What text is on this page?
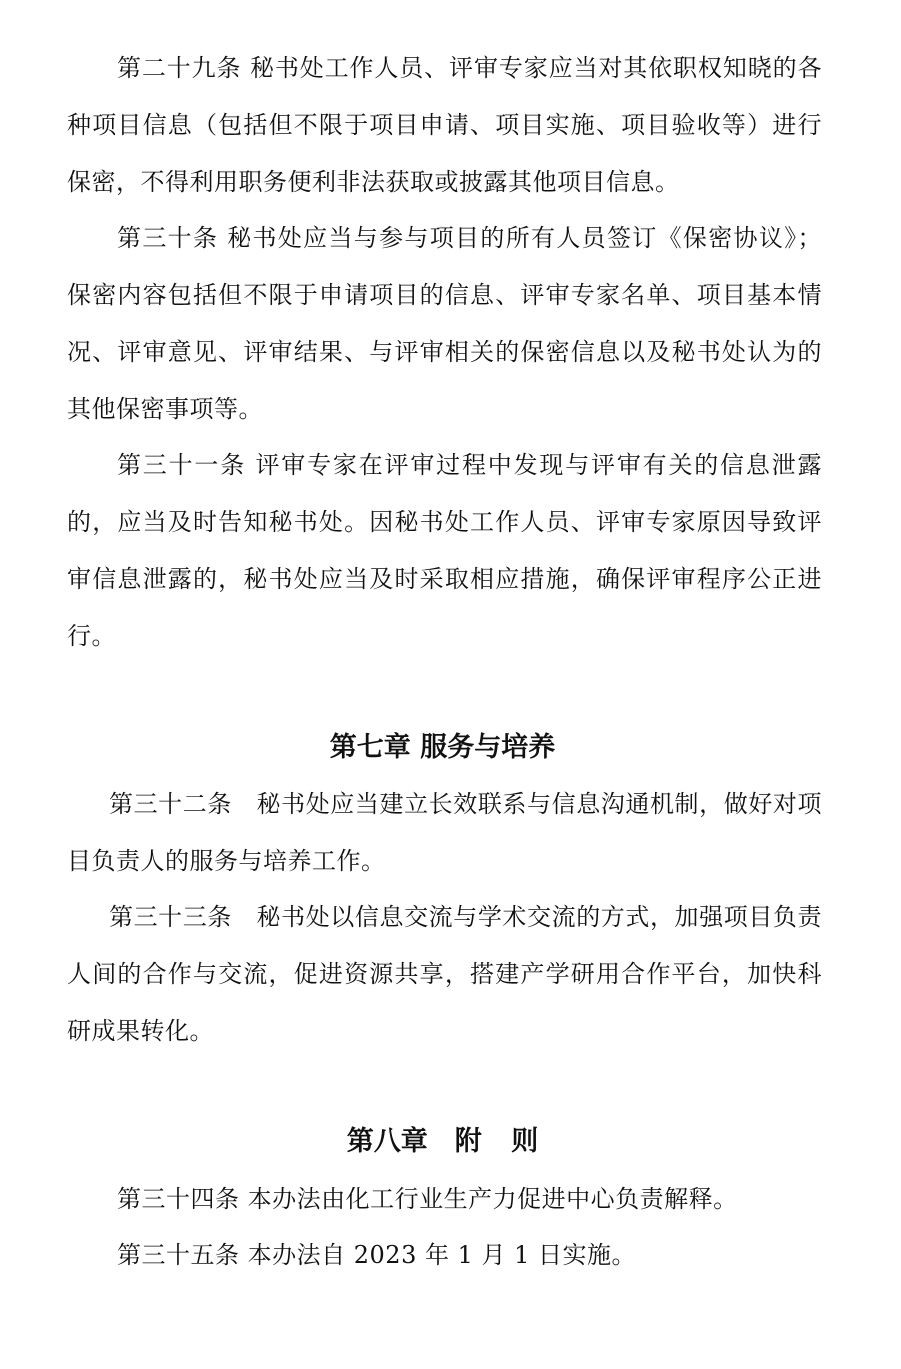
第二十九条 秘书处工作人员、评审专家应当对其依职权知晓的各种项目信息（包括但不限于项目申请、项目实施、项目验收等）进行保密，不得利用职务便利非法获取或披露其他项目信息。

第三十条 秘书处应当与参与项目的所有人员签订《保密协议》；保密内容包括但不限于申请项目的信息、评审专家名单、项目基本情况、评审意见、评审结果、与评审相关的保密信息以及秘书处认为的其他保密事项等。

第三十一条 评审专家在评审过程中发现与评审有关的信息泄露的，应当及时告知秘书处。因秘书处工作人员、评审专家原因导致评审信息泄露的，秘书处应当及时采取相应措施，确保评审程序公正进行。

第七章 服务与培养

第三十二条　秘书处应当建立长效联系与信息沟通机制，做好对项目负责人的服务与培养工作。

第三十三条　秘书处以信息交流与学术交流的方式，加强项目负责人间的合作与交流，促进资源共享，搭建产学研用合作平台，加快科研成果转化。

第八章　附 则

第三十四条 本办法由化工行业生产力促进中心负责解释。

第三十五条 本办法自 2023 年 1 月 1 日实施。
